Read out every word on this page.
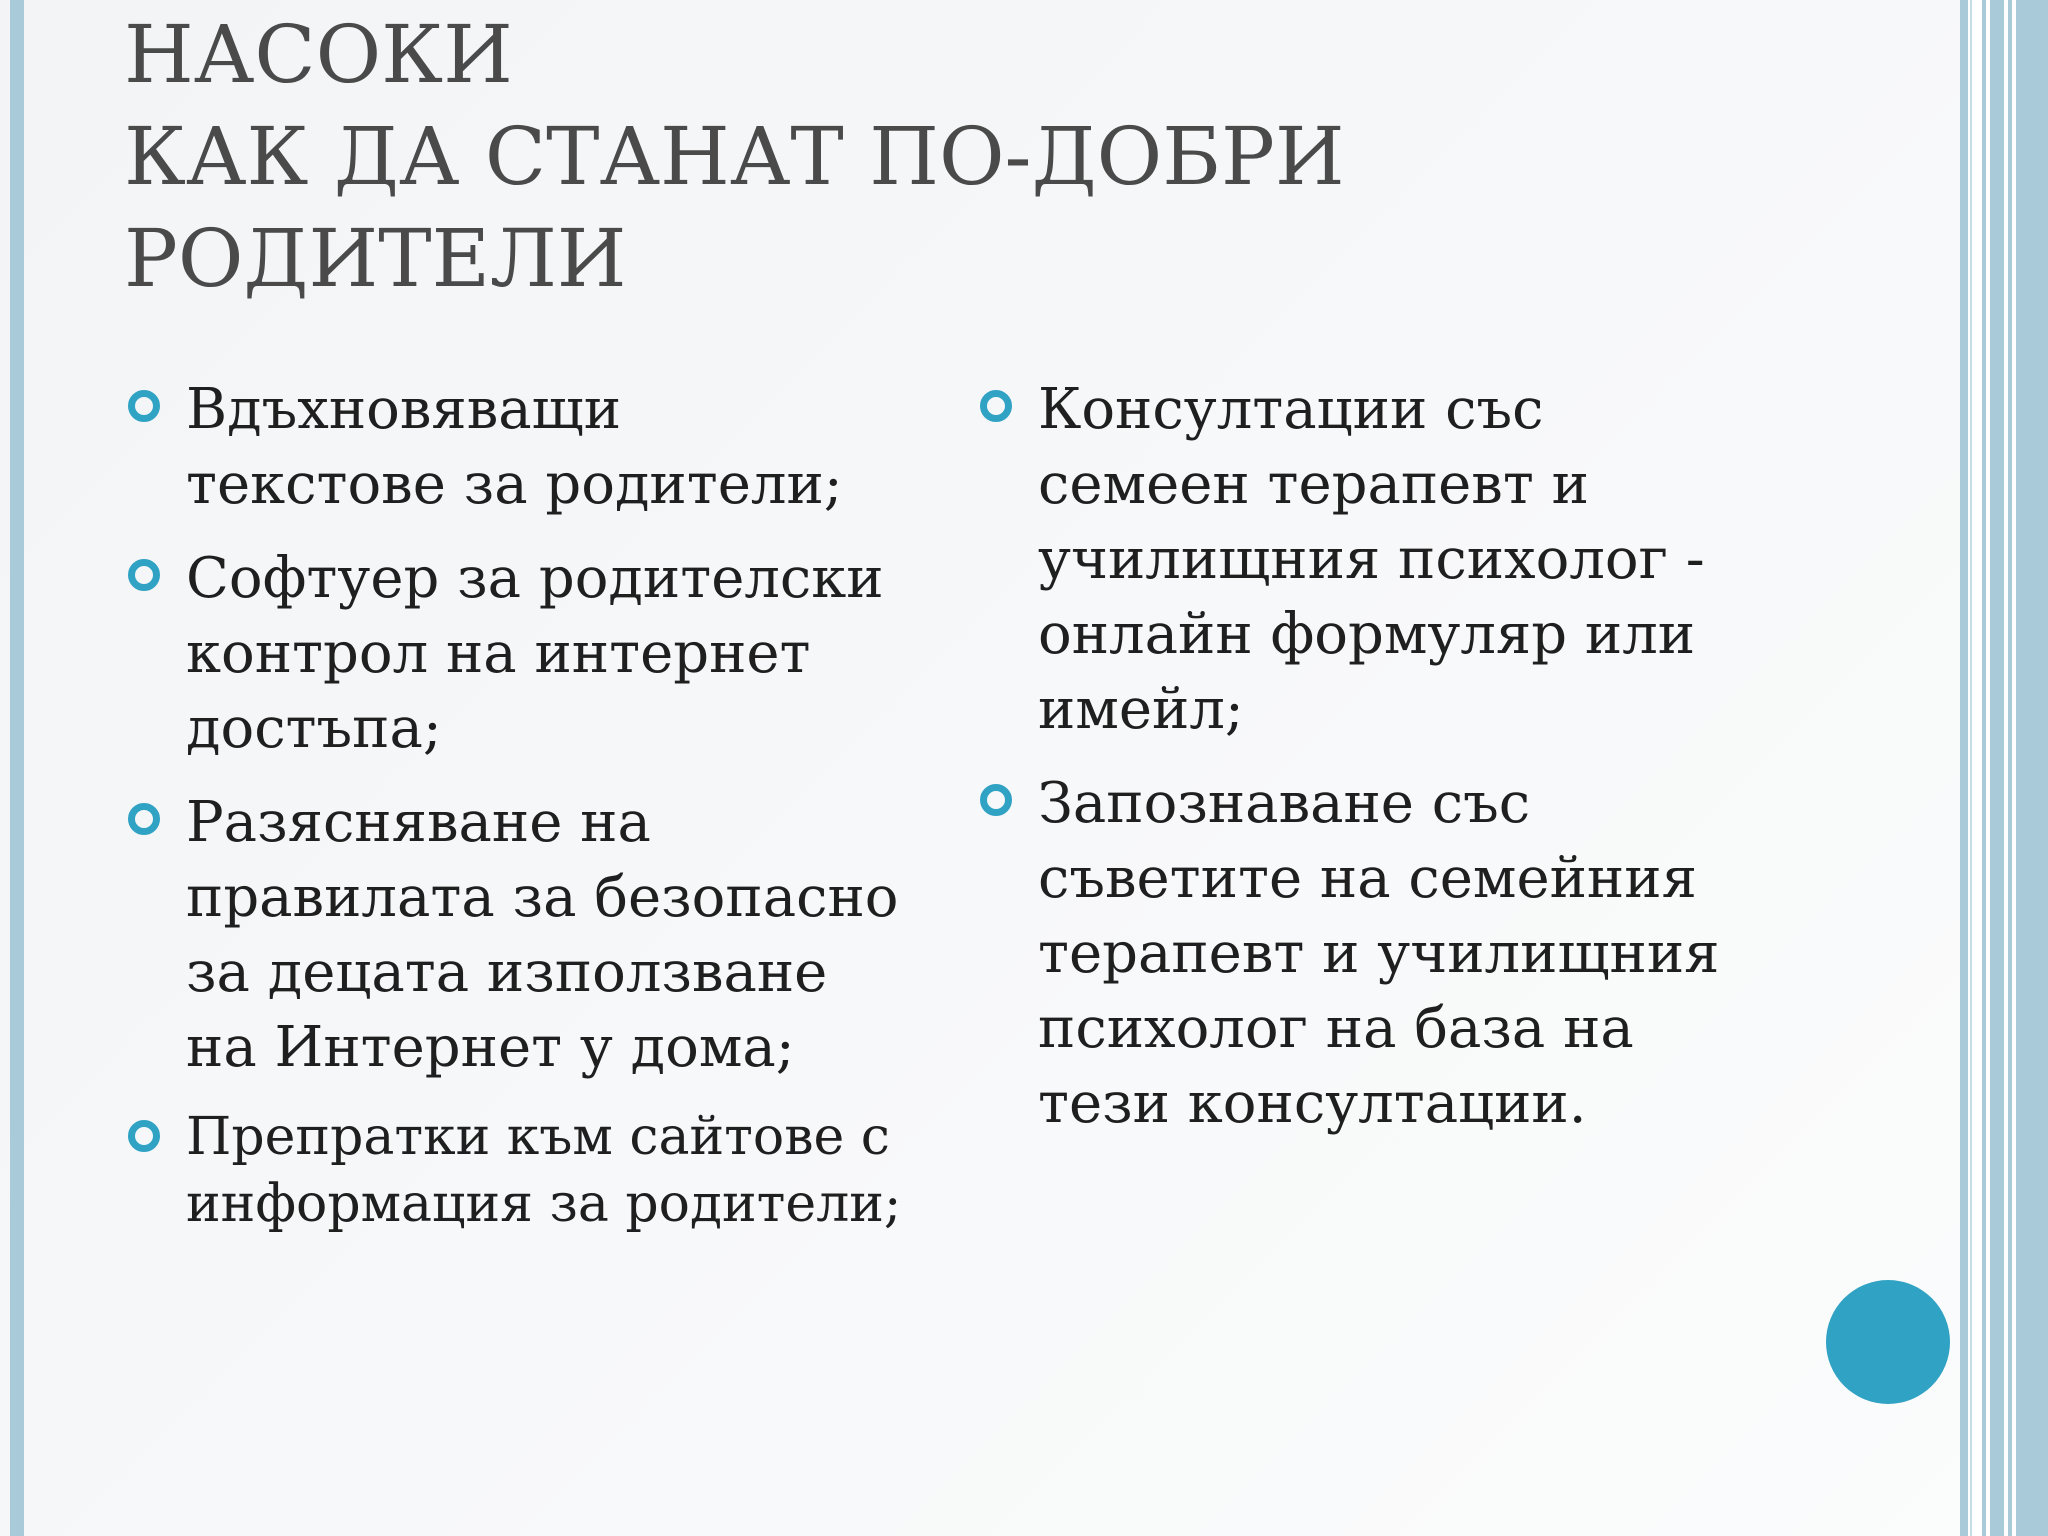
НАСОКИ
КАК ДА СТАНАТ ПО-ДОБРИ
РОДИТЕЛИ
Вдъхновяващи
текстове за родители;
Софтуер за родителски
контрол на интернет
достъпа;
Разясняване на
правилата за безопасно
за децата използване
на Интернет у дома;
Препратки към сайтове с
информация за родители;
Консултации със
семеен терапевт и
училищния психолог -
онлайн формуляр или
имейл;
Запознаване със
съветите на семейния
терапевт и училищния
психолог на база на
тези консултации.
